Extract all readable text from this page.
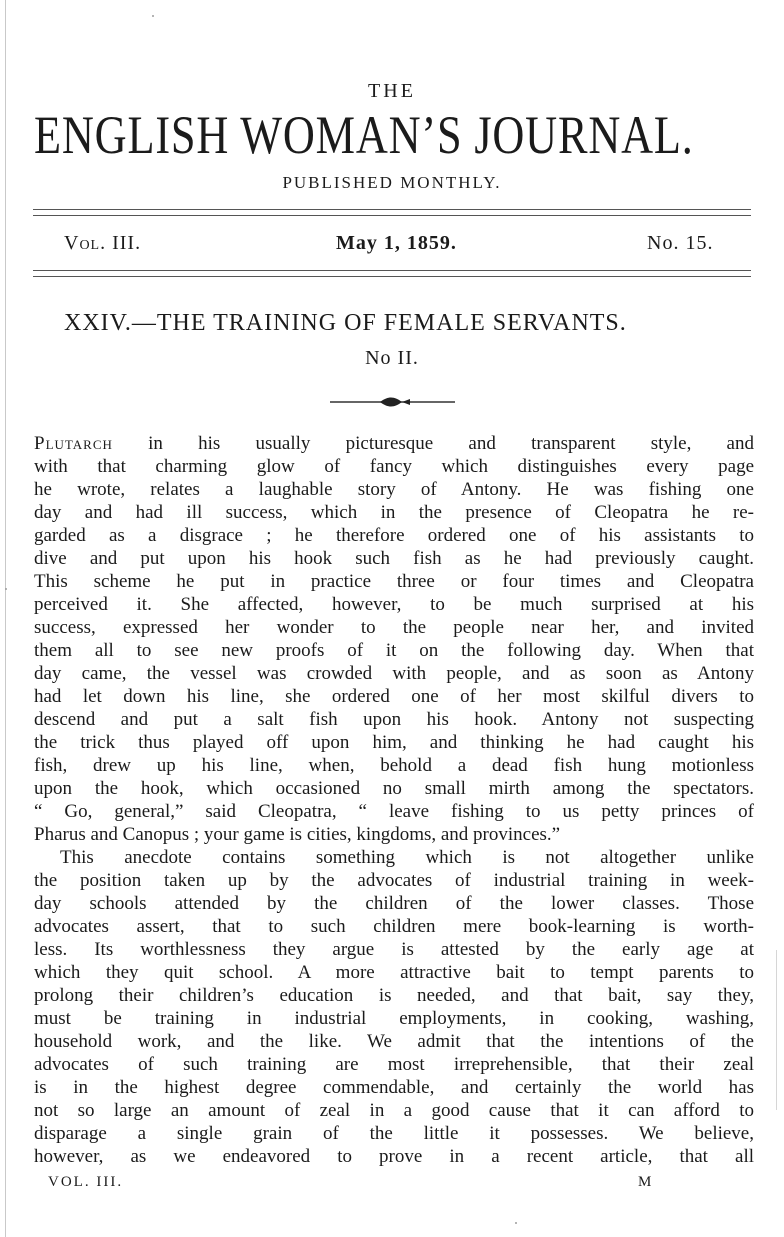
THE
ENGLISH WOMAN’S JOURNAL.
PUBLISHED MONTHLY.
Vol. III.	May 1, 1859.	No. 15.
XXIV.—THE TRAINING OF FEMALE SERVANTS.
No II.
Plutarch in his usually picturesque and transparent style, and
with that charming glow of fancy which distinguishes every page
he wrote, relates a laughable story of Antony. He was fishing one
day and had ill success, which in the presence of Cleopatra he re-
garded as a disgrace ; he therefore ordered one of his assistants to
dive and put upon his hook such fish as he had previously caught.
This scheme he put in practice three or four times and Cleopatra
perceived it. She affected, however, to be much surprised at his
success, expressed her wonder to the people near her, and invited
them all to see new proofs of it on the following day. When that
day came, the vessel was crowded with people, and as soon as Antony
had let down his line, she ordered one of her most skilful divers to
descend and put a salt fish upon his hook. Antony not suspecting
the trick thus played off upon him, and thinking he had caught his
fish, drew up his line, when, behold a dead fish hung motionless
upon the hook, which occasioned no small mirth among the spectators.
“ Go, general,” said Cleopatra, “ leave fishing to us petty princes of
Pharus and Canopus ; your game is cities, kingdoms, and provinces.”
This anecdote contains something which is not altogether unlike
the position taken up by the advocates of industrial training in week-
day schools attended by the children of the lower classes. Those
advocates assert, that to such children mere book-learning is worth-
less. Its worthlessness they argue is attested by the early age at
which they quit school. A more attractive bait to tempt parents to
prolong their children’s education is needed, and that bait, say they,
must be training in industrial employments, in cooking, washing,
household work, and the like. We admit that the intentions of the
advocates of such training are most irreprehensible, that their zeal
is in the highest degree commendable, and certainly the world has
not so large an amount of zeal in a good cause that it can afford to
disparage a single grain of the little it possesses. We believe,
however, as we endeavored to prove in a recent article, that all
VOL. III.	M
